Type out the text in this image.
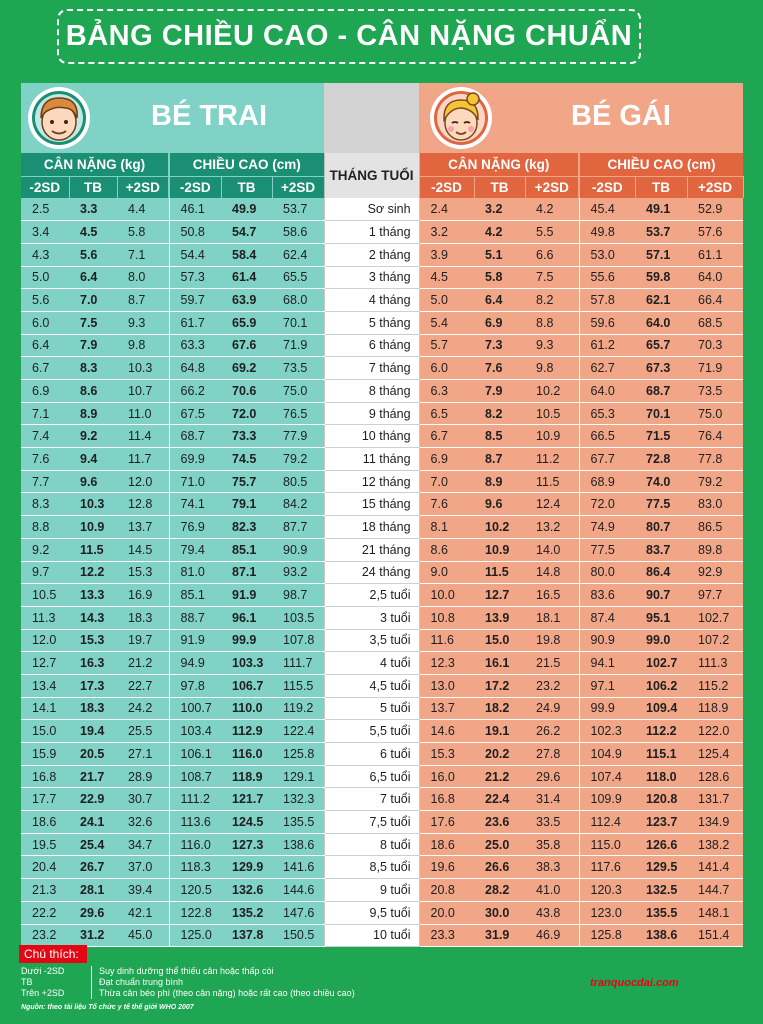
BẢNG CHIỀU CAO - CÂN NẶNG CHUẨN
BÉ TRAI	BÉ GÁI
CÂN NẶNG (kg)			CHIỀU CAO (cm)			THÁNG TUỔI	CÂN NẶNG (kg)			CHIỀU CAO (cm)		
-2SD	TB	+2SD	-2SD	TB	+2SD		-2SD	TB	+2SD	-2SD	TB	+2SD
2.5	3.3	4.4	46.1	49.9	53.7	Sơ sinh	2.4	3.2	4.2	45.4	49.1	52.9
3.4	4.5	5.8	50.8	54.7	58.6	1 tháng	3.2	4.2	5.5	49.8	53.7	57.6
4.3	5.6	7.1	54.4	58.4	62.4	2 tháng	3.9	5.1	6.6	53.0	57.1	61.1
5.0	6.4	8.0	57.3	61.4	65.5	3 tháng	4.5	5.8	7.5	55.6	59.8	64.0
5.6	7.0	8.7	59.7	63.9	68.0	4 tháng	5.0	6.4	8.2	57.8	62.1	66.4
6.0	7.5	9.3	61.7	65.9	70.1	5 tháng	5.4	6.9	8.8	59.6	64.0	68.5
6.4	7.9	9.8	63.3	67.6	71.9	6 tháng	5.7	7.3	9.3	61.2	65.7	70.3
6.7	8.3	10.3	64.8	69.2	73.5	7 tháng	6.0	7.6	9.8	62.7	67.3	71.9
6.9	8.6	10.7	66.2	70.6	75.0	8 tháng	6.3	7.9	10.2	64.0	68.7	73.5
7.1	8.9	11.0	67.5	72.0	76.5	9 tháng	6.5	8.2	10.5	65.3	70.1	75.0
7.4	9.2	11.4	68.7	73.3	77.9	10 tháng	6.7	8.5	10.9	66.5	71.5	76.4
7.6	9.4	11.7	69.9	74.5	79.2	11 tháng	6.9	8.7	11.2	67.7	72.8	77.8
7.7	9.6	12.0	71.0	75.7	80.5	12 tháng	7.0	8.9	11.5	68.9	74.0	79.2
8.3	10.3	12.8	74.1	79.1	84.2	15 tháng	7.6	9.6	12.4	72.0	77.5	83.0
8.8	10.9	13.7	76.9	82.3	87.7	18 tháng	8.1	10.2	13.2	74.9	80.7	86.5
9.2	11.5	14.5	79.4	85.1	90.9	21 tháng	8.6	10.9	14.0	77.5	83.7	89.8
9.7	12.2	15.3	81.0	87.1	93.2	24 tháng	9.0	11.5	14.8	80.0	86.4	92.9
10.5	13.3	16.9	85.1	91.9	98.7	2,5 tuổi	10.0	12.7	16.5	83.6	90.7	97.7
11.3	14.3	18.3	88.7	96.1	103.5	3 tuổi	10.8	13.9	18.1	87.4	95.1	102.7
12.0	15.3	19.7	91.9	99.9	107.8	3,5 tuổi	11.6	15.0	19.8	90.9	99.0	107.2
12.7	16.3	21.2	94.9	103.3	111.7	4 tuổi	12.3	16.1	21.5	94.1	102.7	111.3
13.4	17.3	22.7	97.8	106.7	115.5	4,5 tuổi	13.0	17.2	23.2	97.1	106.2	115.2
14.1	18.3	24.2	100.7	110.0	119.2	5 tuổi	13.7	18.2	24.9	99.9	109.4	118.9
15.0	19.4	25.5	103.4	112.9	122.4	5,5 tuổi	14.6	19.1	26.2	102.3	112.2	122.0
15.9	20.5	27.1	106.1	116.0	125.8	6 tuổi	15.3	20.2	27.8	104.9	115.1	125.4
16.8	21.7	28.9	108.7	118.9	129.1	6,5 tuổi	16.0	21.2	29.6	107.4	118.0	128.6
17.7	22.9	30.7	111.2	121.7	132.3	7 tuổi	16.8	22.4	31.4	109.9	120.8	131.7
18.6	24.1	32.6	113.6	124.5	135.5	7,5 tuổi	17.6	23.6	33.5	112.4	123.7	134.9
19.5	25.4	34.7	116.0	127.3	138.6	8 tuổi	18.6	25.0	35.8	115.0	126.6	138.2
20.4	26.7	37.0	118.3	129.9	141.6	8,5 tuổi	19.6	26.6	38.3	117.6	129.5	141.4
21.3	28.1	39.4	120.5	132.6	144.6	9 tuổi	20.8	28.2	41.0	120.3	132.5	144.7
22.2	29.6	42.1	122.8	135.2	147.6	9,5 tuổi	20.0	30.0	43.8	123.0	135.5	148.1
23.2	31.2	45.0	125.0	137.8	150.5	10 tuổi	23.3	31.9	46.9	125.8	138.6	151.4
Chú thích:
Dưới -2SD	Suy dinh dưỡng thể thiếu cân hoặc thấp còi
TB	Đạt chuẩn trung bình
Trên +2SD	Thừa cân béo phì (theo cân nặng) hoặc rất cao (theo chiều cao)
Nguồn: theo tài liệu Tổ chức y tế thế giới WHO 2007
tranquocdai.com
